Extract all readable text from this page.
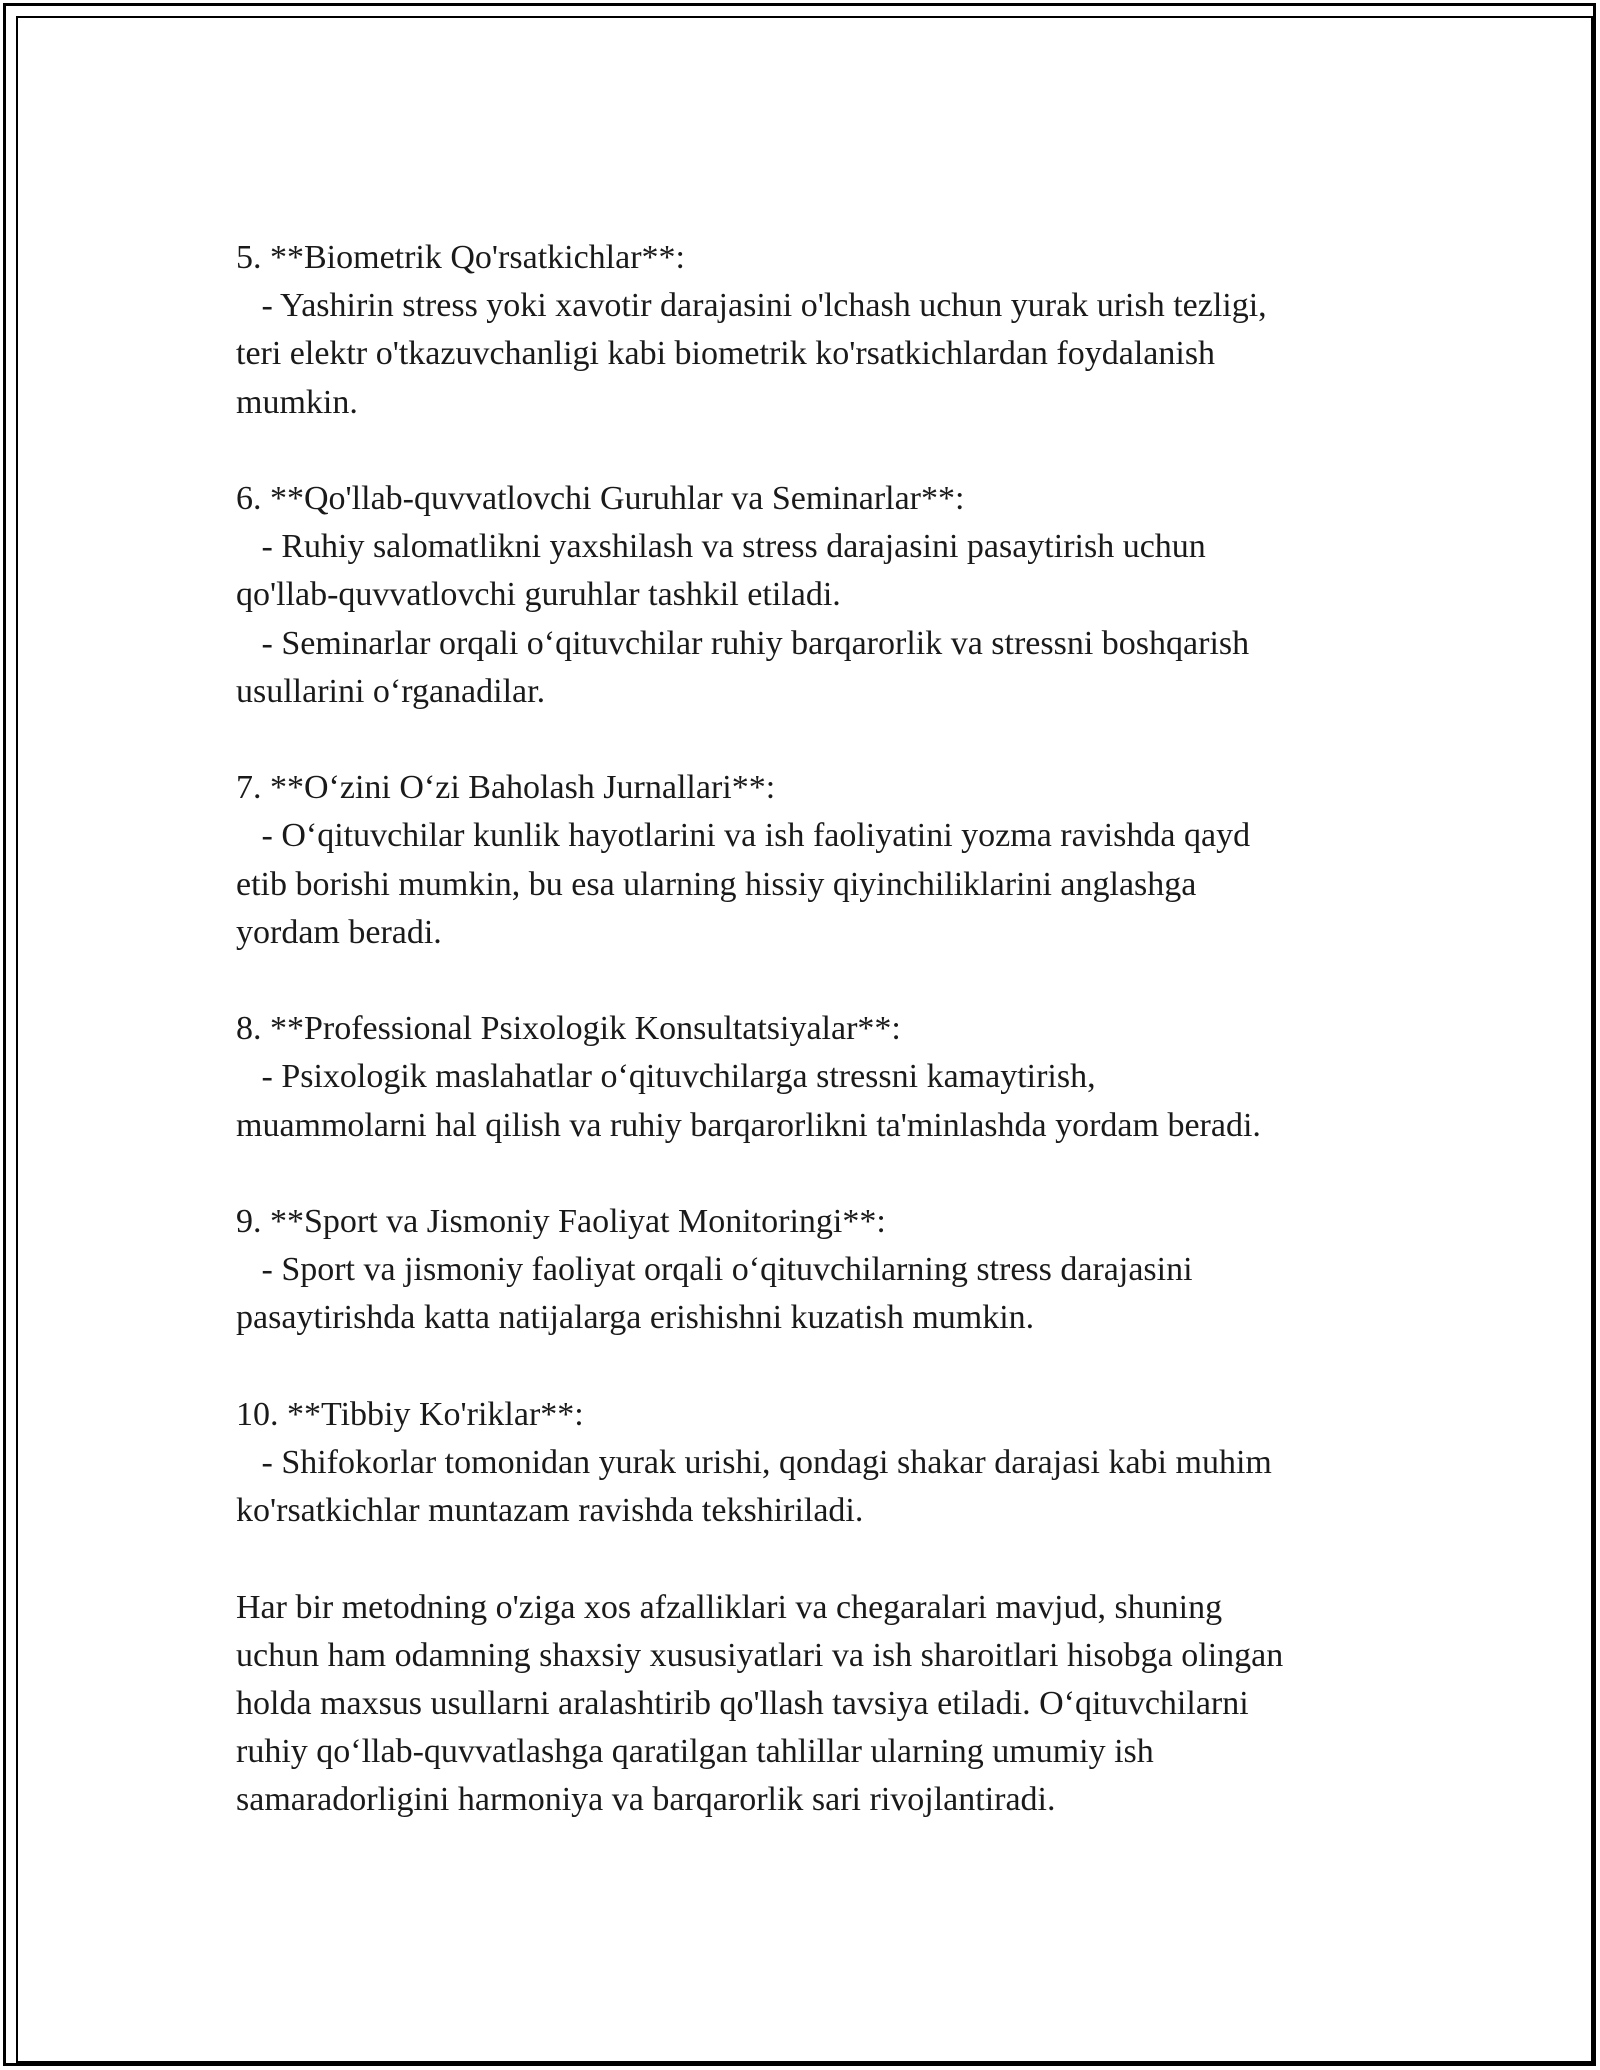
5. **Biometrik Qo'rsatkichlar**:
- Yashirin stress yoki xavotir darajasini o'lchash uchun yurak urish tezligi,
teri elektr o'tkazuvchanligi kabi biometrik ko'rsatkichlardan foydalanish
mumkin.
6. **Qo'llab-quvvatlovchi Guruhlar va Seminarlar**:
- Ruhiy salomatlikni yaxshilash va stress darajasini pasaytirish uchun
qo'llab-quvvatlovchi guruhlar tashkil etiladi.
- Seminarlar orqali o‘qituvchilar ruhiy barqarorlik va stressni boshqarish
usullarini o‘rganadilar.
7. **O‘zini O‘zi Baholash Jurnallari**:
- O‘qituvchilar kunlik hayotlarini va ish faoliyatini yozma ravishda qayd
etib borishi mumkin, bu esa ularning hissiy qiyinchiliklarini anglashga
yordam beradi.
8. **Professional Psixologik Konsultatsiyalar**:
- Psixologik maslahatlar o‘qituvchilarga stressni kamaytirish,
muammolarni hal qilish va ruhiy barqarorlikni ta'minlashda yordam beradi.
9. **Sport va Jismoniy Faoliyat Monitoringi**:
- Sport va jismoniy faoliyat orqali o‘qituvchilarning stress darajasini
pasaytirishda katta natijalarga erishishni kuzatish mumkin.
10. **Tibbiy Ko'riklar**:
- Shifokorlar tomonidan yurak urishi, qondagi shakar darajasi kabi muhim
ko'rsatkichlar muntazam ravishda tekshiriladi.
Har bir metodning o'ziga xos afzalliklari va chegaralari mavjud, shuning
uchun ham odamning shaxsiy xususiyatlari va ish sharoitlari hisobga olingan
holda maxsus usullarni aralashtirib qo'llash tavsiya etiladi. O‘qituvchilarni
ruhiy qo‘llab-quvvatlashga qaratilgan tahlillar ularning umumiy ish
samaradorligini harmoniya va barqarorlik sari rivojlantiradi.
